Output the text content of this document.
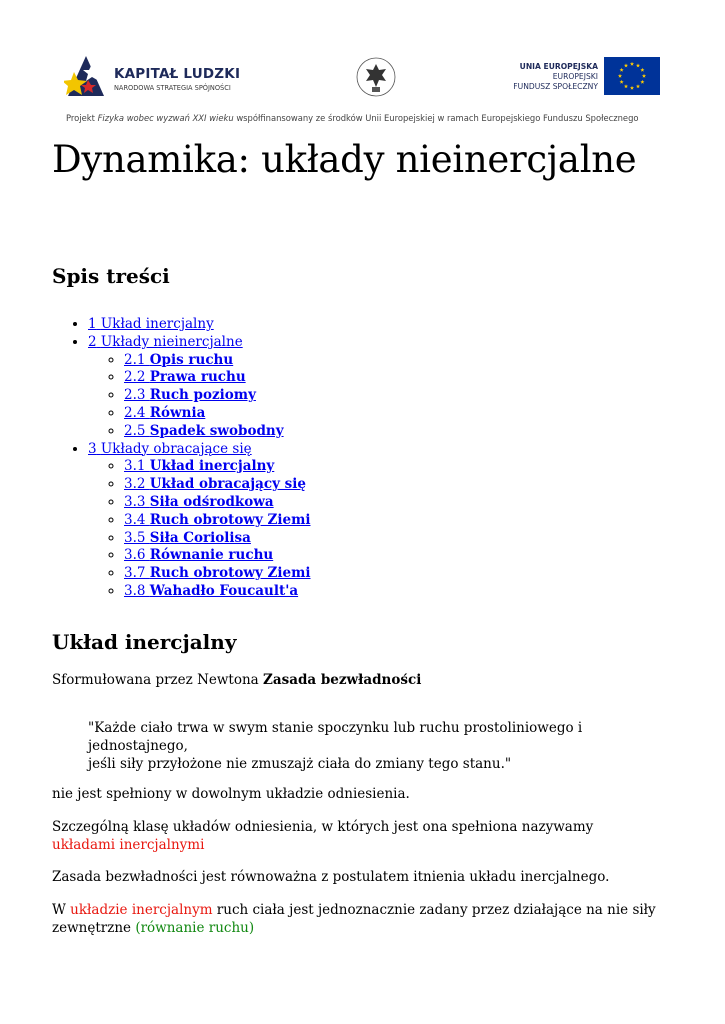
KAPITAŁ LUDZKI
NARODOWA STRATEGIA SPÓJNOŚCI
UNIA EUROPEJSKA
EUROPEJSKI
FUNDUSZ SPOŁECZNY
Projekt Fizyka wobec wyzwań XXI wieku współfinansowany ze środków Unii Europejskiej w ramach Europejskiego Funduszu Społecznego
Dynamika: układy nieinercjalne
Spis treści
• 1 Układ inercjalny
• 2 Układy nieinercjalne
◦ 2.1 Opis ruchu
◦ 2.2 Prawa ruchu
◦ 2.3 Ruch poziomy
◦ 2.4 Równia
◦ 2.5 Spadek swobodny
• 3 Układy obracające się
◦ 3.1 Układ inercjalny
◦ 3.2 Układ obracający się
◦ 3.3 Siła odśrodkowa
◦ 3.4 Ruch obrotowy Ziemi
◦ 3.5 Siła Coriolisa
◦ 3.6 Równanie ruchu
◦ 3.7 Ruch obrotowy Ziemi
◦ 3.8 Wahadło Foucault'a
Układ inercjalny

Sformułowana przez Newtona Zasada bezwładności

"Każde ciało trwa w swym stanie spoczynku lub ruchu prostoliniowego i jednostajnego,
jeśli siły przyłożone nie zmuszajż ciała do zmiany tego stanu."

nie jest spełniony w dowolnym układzie odniesienia.

Szczególną klasę układów odniesienia, w których jest ona spełniona nazywamy układami inercjalnymi

Zasada bezwładności jest równoważna z postulatem itnienia układu inercjalnego.

W układzie inercjalnym ruch ciała jest jednoznacznie zadany przez działające na nie siły zewnętrzne (równanie ruchu)
